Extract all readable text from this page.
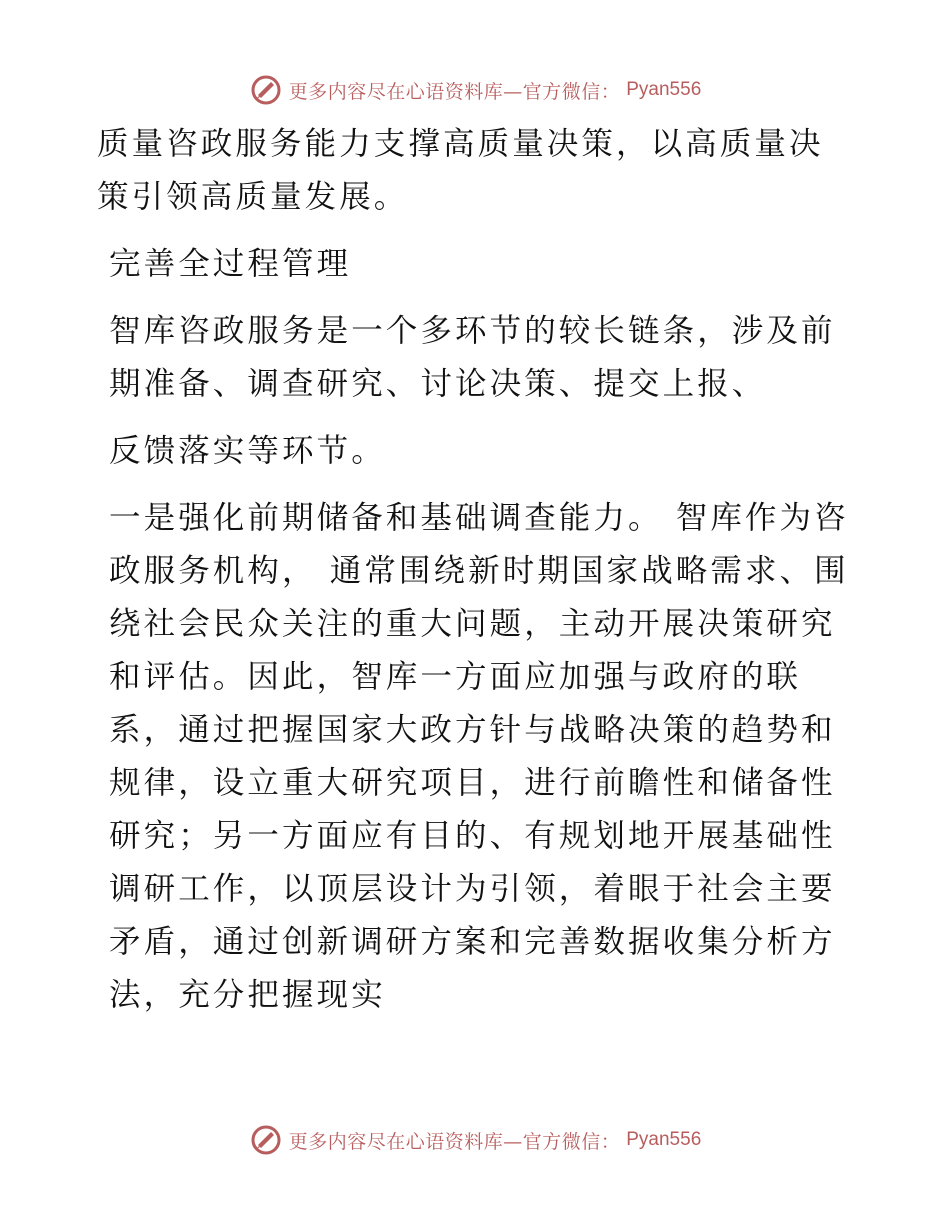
更多内容尽在心语资料库—官方微信： Pyan556

质量咨政服务能力支撑高质量决策，以高质量决策引领高质量发展。

完善全过程管理

智库咨政服务是一个多环节的较长链条，涉及前期准备、调查研究、讨论决策、提交上报、

反馈落实等环节。

一是强化前期储备和基础调查能力。 智库作为咨政服务机构， 通常围绕新时期国家战略需求、围绕社会民众关注的重大问题，主动开展决策研究和评估。因此，智库一方面应加强与政府的联系，通过把握国家大政方针与战略决策的趋势和规律，设立重大研究项目，进行前瞻性和储备性研究；另一方面应有目的、有规划地开展基础性调研工作，以顶层设计为引领，着眼于社会主要矛盾，通过创新调研方案和完善数据收集分析方法，充分把握现实

更多内容尽在心语资料库—官方微信： Pyan556
